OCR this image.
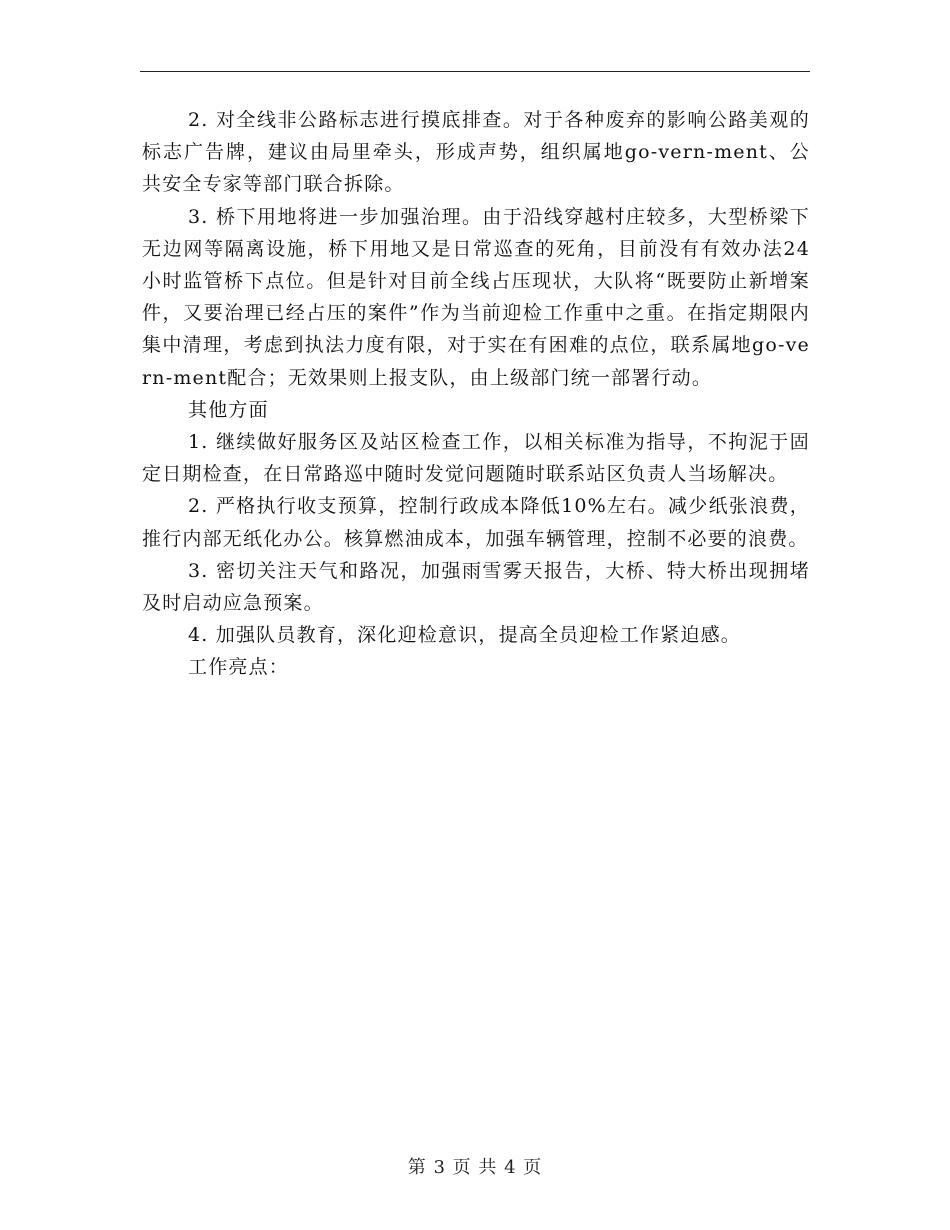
2. 对全线非公路标志进行摸底排查。对于各种废弃的影响公路美观的标志广告牌，建议由局里牵头，形成声势，组织属地go-vern-ment、公共安全专家等部门联合拆除。

3. 桥下用地将进一步加强治理。由于沿线穿越村庄较多，大型桥梁下无边网等隔离设施，桥下用地又是日常巡查的死角，目前没有有效办法24小时监管桥下点位。但是针对目前全线占压现状，大队将“既要防止新增案件，又要治理已经占压的案件”作为当前迎检工作重中之重。在指定期限内集中清理，考虑到执法力度有限，对于实在有困难的点位，联系属地go-vern-ment配合；无效果则上报支队，由上级部门统一部署行动。

其他方面

1. 继续做好服务区及站区检查工作，以相关标准为指导，不拘泥于固定日期检查，在日常路巡中随时发觉问题随时联系站区负责人当场解决。

2. 严格执行收支预算，控制行政成本降低10%左右。减少纸张浪费，推行内部无纸化办公。核算燃油成本，加强车辆管理，控制不必要的浪费。

3. 密切关注天气和路况，加强雨雪雾天报告，大桥、特大桥出现拥堵及时启动应急预案。

4. 加强队员教育，深化迎检意识，提高全员迎检工作紧迫感。

工作亮点：

第 3 页 共 4 页
